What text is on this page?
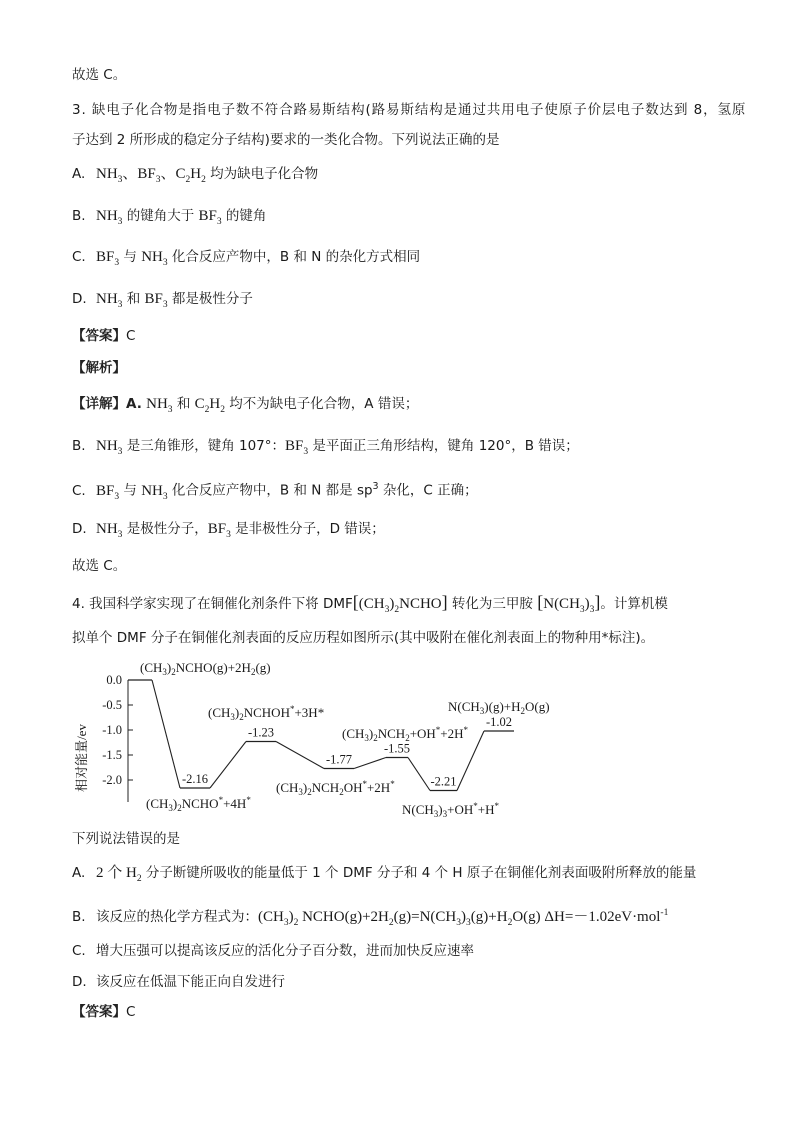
故选 C。
3. 缺电子化合物是指电子数不符合路易斯结构(路易斯结构是通过共用电子使原子价层电子数达到 8，氢原
子达到 2 所形成的稳定分子结构)要求的一类化合物。下列说法正确的是
A. $NH_3$、$BF_3$、$C_2H_2$ 均为缺电子化合物
B. $NH_3$ 的键角大于 $BF_3$ 的键角
C. $BF_3$ 与 $NH_3$ 化合反应产物中，B 和 N 的杂化方式相同
D. $NH_3$ 和 $BF_3$ 都是极性分子
【答案】C
【解析】
【详解】A. $NH_3$ 和 $C_2H_2$ 均不为缺电子化合物，A 错误；
B. $NH_3$ 是三角锥形，键角 107°：$BF_3$ 是平面正三角形结构，键角 120°，B 错误；
C. $BF_3$ 与 $NH_3$ 化合反应产物中，B 和 N 都是 $sp^3$ 杂化，C 正确；
D. $NH_3$ 是极性分子，$BF_3$ 是非极性分子，D 错误；
故选 C。
4. 我国科学家实现了在铜催化剂条件下将 $DMF[(CH_3)_2NCHO]$ 转化为三甲胺 $[N(CH_3)_3]$。计算机模
拟单个 DMF 分子在铜催化剂表面的反应历程如图所示(其中吸附在催化剂表面上的物种用*标注)。
相对能量/ev
0.0
-0.5
-1.0
-1.5
-2.0	-2.16
-1.23
-1.77
-1.55
-2.21
-1.02
$(CH_3)_2NCHO(g)+2H_2(g)$
$(CH_3)_2NCHO^*+4H^*$
$(CH_3)_2NCHOH^*+3H*$
$(CH_3)_2NCH_2OH^*+2H^*$
$(CH_3)_2NCH_2+OH^*+2H^*$
$N(CH_3)_3+OH^*+H^*$
$N(CH_3)(g)+H_2O(g)$
下列说法错误的是
A. 2 个 $H_2$ 分子断键所吸收的能量低于 1 个 DMF 分子和 4 个 H 原子在铜催化剂表面吸附所释放的能量
B. 该反应的热化学方程式为：$(CH_3)_2$ $NCHO(g)+2H_2(g)=N(CH_3)_3(g)+H_2O(g)$ ΔH=－1.02eV·mol$^{-1}$
C. 增大压强可以提高该反应的活化分子百分数，进而加快反应速率
D. 该反应在低温下能正向自发进行
【答案】C
